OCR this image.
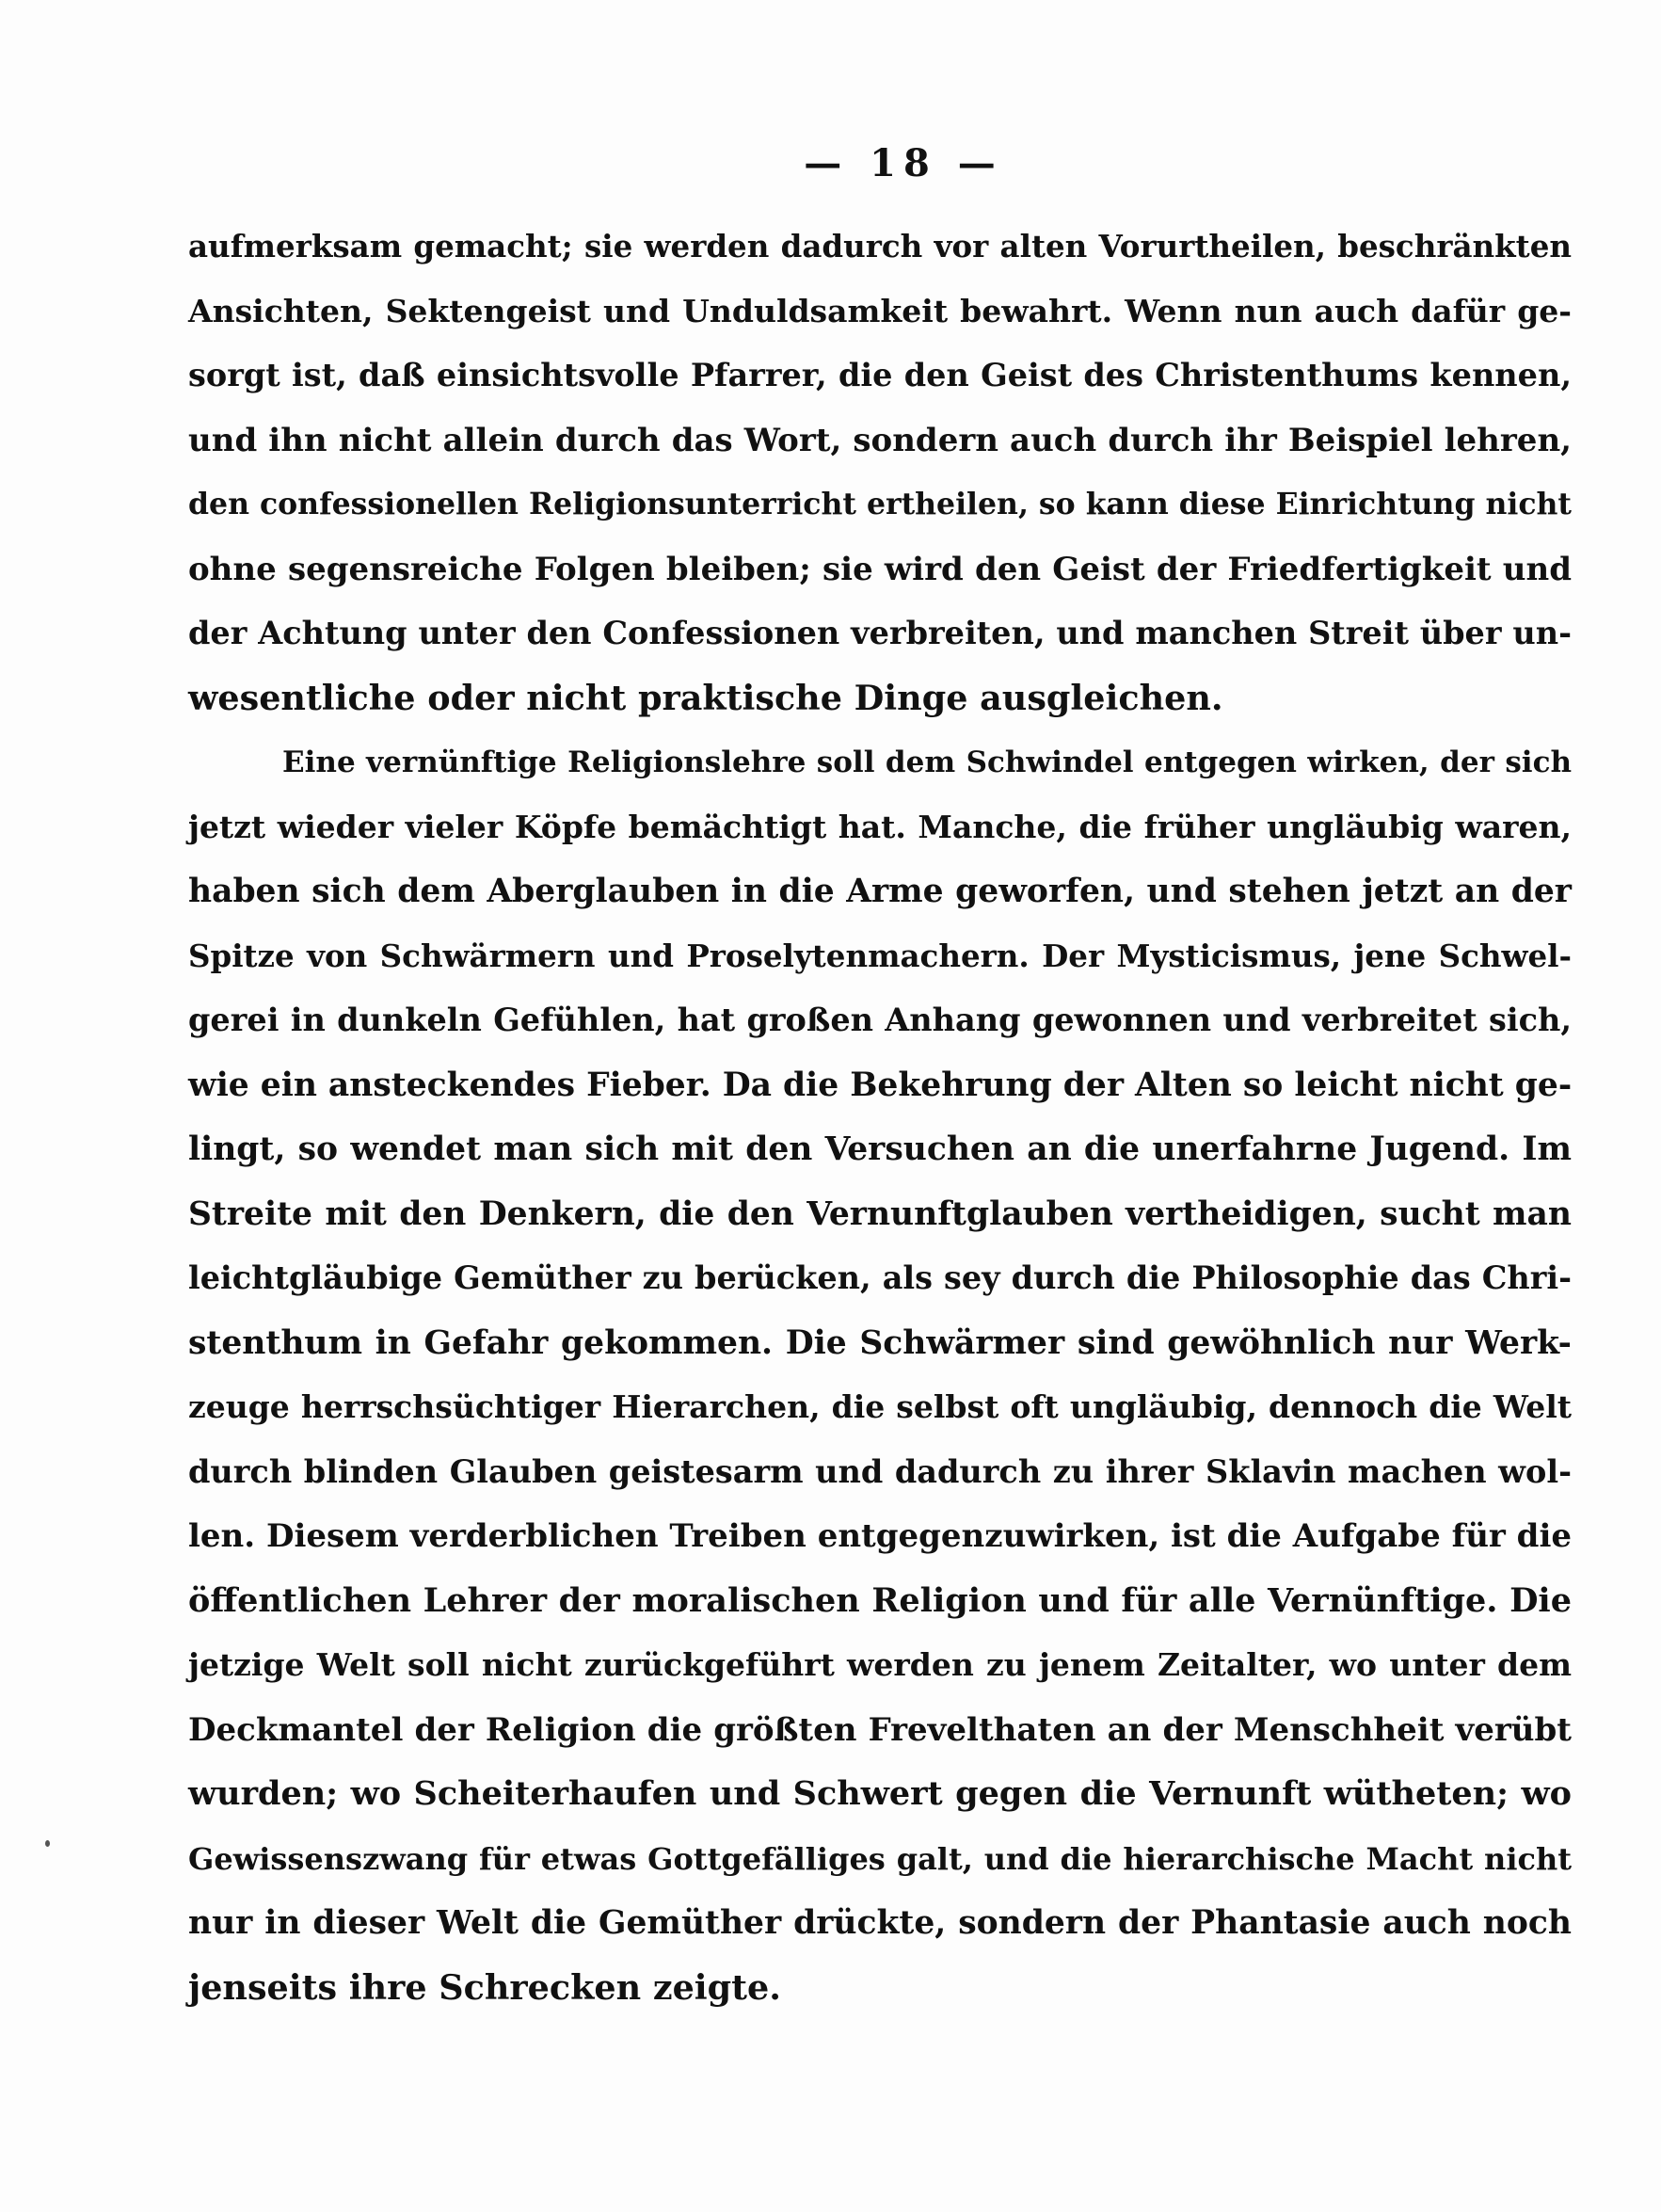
— 18 —
aufmerksam gemacht; sie werden dadurch vor alten Vorurtheilen, beschränkten
Ansichten, Sektengeist und Unduldsamkeit bewahrt. Wenn nun auch dafür ge-
sorgt ist, daß einsichtsvolle Pfarrer, die den Geist des Christenthums kennen,
und ihn nicht allein durch das Wort, sondern auch durch ihr Beispiel lehren,
den confessionellen Religionsunterricht ertheilen, so kann diese Einrichtung nicht
ohne segensreiche Folgen bleiben; sie wird den Geist der Friedfertigkeit und
der Achtung unter den Confessionen verbreiten, und manchen Streit über un-
wesentliche oder nicht praktische Dinge ausgleichen.
Eine vernünftige Religionslehre soll dem Schwindel entgegen wirken, der sich
jetzt wieder vieler Köpfe bemächtigt hat. Manche, die früher ungläubig waren,
haben sich dem Aberglauben in die Arme geworfen, und stehen jetzt an der
Spitze von Schwärmern und Proselytenmachern. Der Mysticismus, jene Schwel-
gerei in dunkeln Gefühlen, hat großen Anhang gewonnen und verbreitet sich,
wie ein ansteckendes Fieber. Da die Bekehrung der Alten so leicht nicht ge-
lingt, so wendet man sich mit den Versuchen an die unerfahrne Jugend. Im
Streite mit den Denkern, die den Vernunftglauben vertheidigen, sucht man
leichtgläubige Gemüther zu berücken, als sey durch die Philosophie das Chri-
stenthum in Gefahr gekommen. Die Schwärmer sind gewöhnlich nur Werk-
zeuge herrschsüchtiger Hierarchen, die selbst oft ungläubig, dennoch die Welt
durch blinden Glauben geistesarm und dadurch zu ihrer Sklavin machen wol-
len. Diesem verderblichen Treiben entgegenzuwirken, ist die Aufgabe für die
öffentlichen Lehrer der moralischen Religion und für alle Vernünftige. Die
jetzige Welt soll nicht zurückgeführt werden zu jenem Zeitalter, wo unter dem
Deckmantel der Religion die größten Frevelthaten an der Menschheit verübt
wurden; wo Scheiterhaufen und Schwert gegen die Vernunft wütheten; wo
Gewissenszwang für etwas Gottgefälliges galt, und die hierarchische Macht nicht
nur in dieser Welt die Gemüther drückte, sondern der Phantasie auch noch
jenseits ihre Schrecken zeigte.
